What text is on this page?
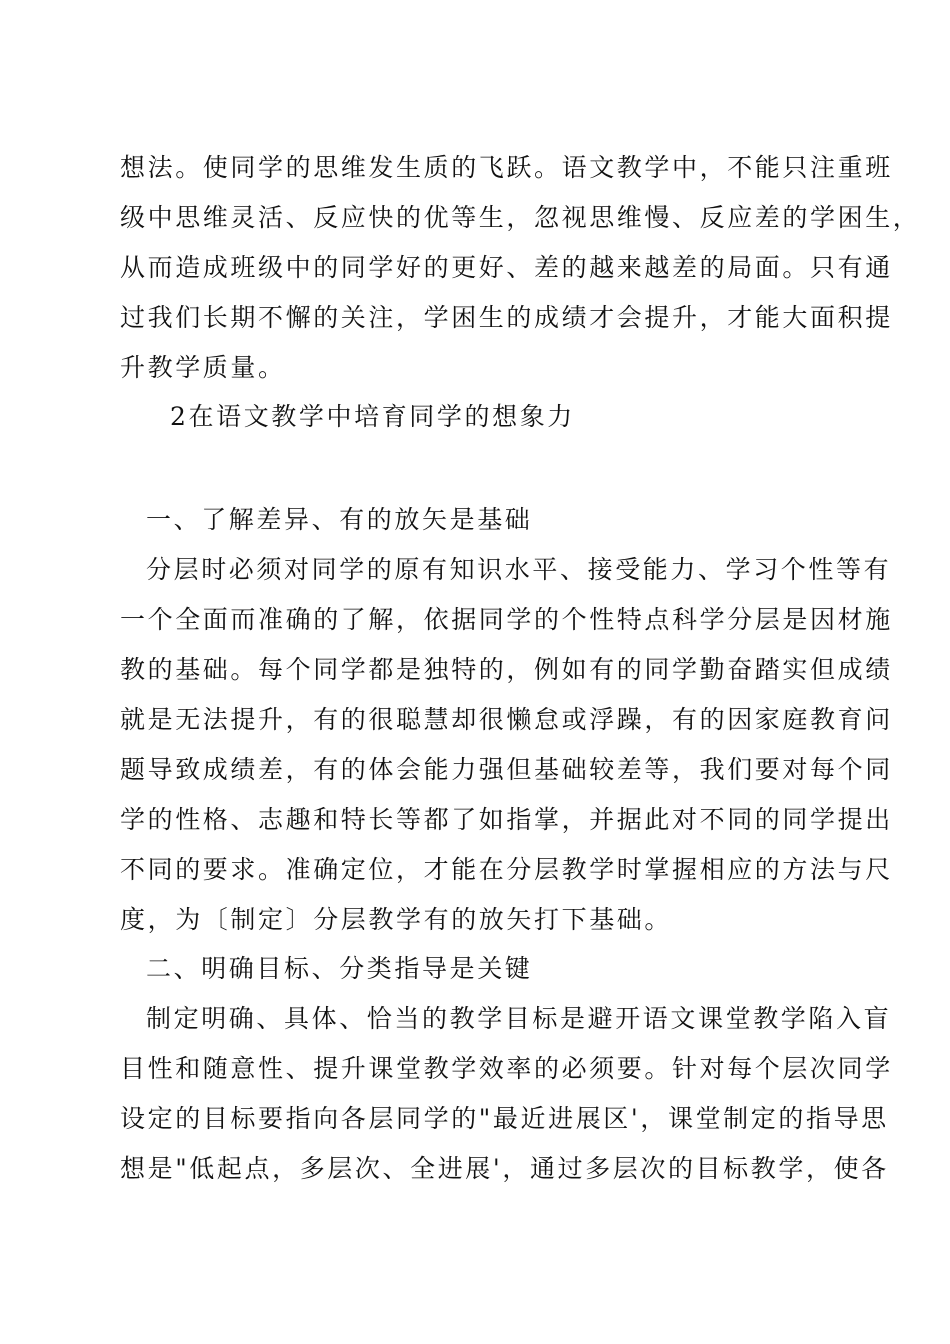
想法。使同学的思维发生质的飞跃。语文教学中，不能只注重班
级中思维灵活、反应快的优等生，忽视思维慢、反应差的学困生，
从而造成班级中的同学好的更好、差的越来越差的局面。只有通
过我们长期不懈的关注，学困生的成绩才会提升，才能大面积提
升教学质量。
2在语文教学中培育同学的想象力
一、了解差异、有的放矢是基础
分层时必须对同学的原有知识水平、接受能力、学习个性等有
一个全面而准确的了解，依据同学的个性特点科学分层是因材施
教的基础。每个同学都是独特的，例如有的同学勤奋踏实但成绩
就是无法提升，有的很聪慧却很懒怠或浮躁，有的因家庭教育问
题导致成绩差，有的体会能力强但基础较差等，我们要对每个同
学的性格、志趣和特长等都了如指掌，并据此对不同的同学提出
不同的要求。准确定位，才能在分层教学时掌握相应的方法与尺
度，为〔制定〕分层教学有的放矢打下基础。
二、明确目标、分类指导是关键
制定明确、具体、恰当的教学目标是避开语文课堂教学陷入盲
目性和随意性、提升课堂教学效率的必须要。针对每个层次同学
设定的目标要指向各层同学的"最近进展区'，课堂制定的指导思
想是"低起点，多层次、全进展'，通过多层次的目标教学，使各
